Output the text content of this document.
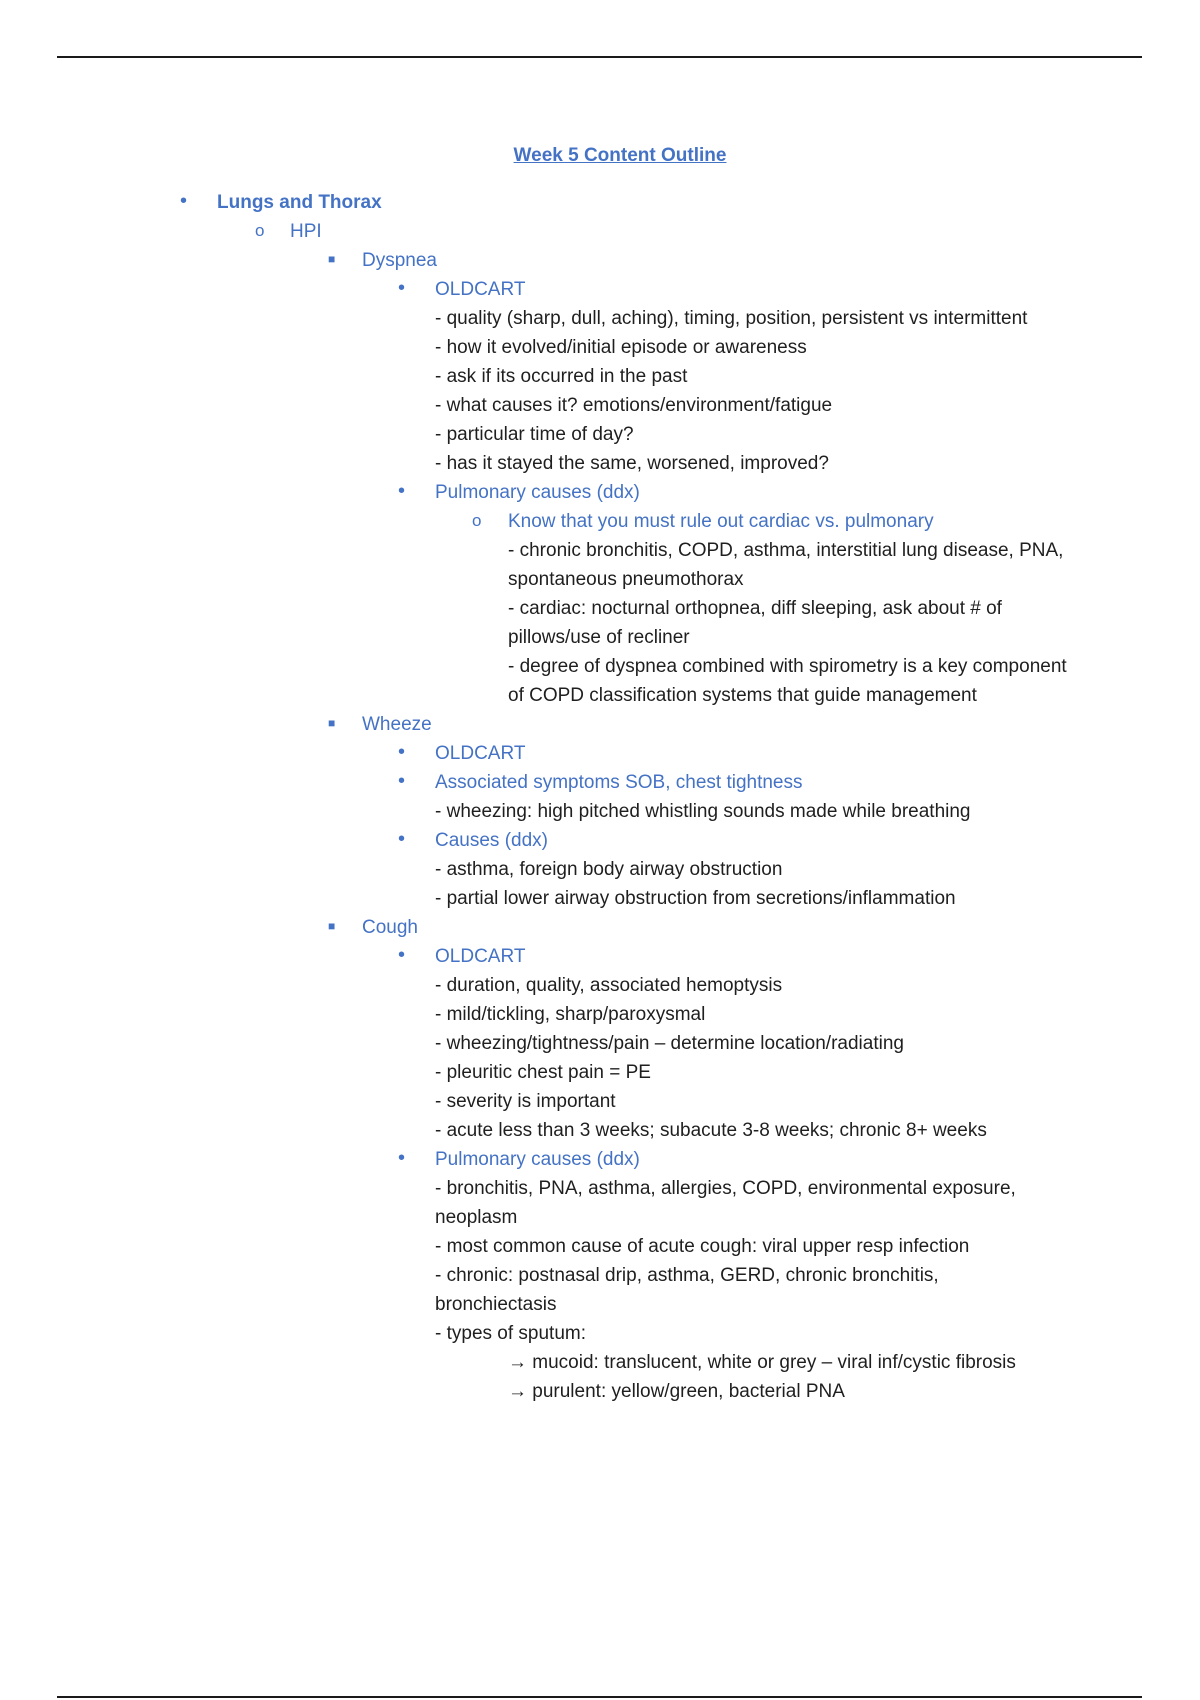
Week 5 Content Outline
• Lungs and Thorax
o HPI
■ Dyspnea
• OLDCART
- quality (sharp, dull, aching), timing, position, persistent vs intermittent
- how it evolved/initial episode or awareness
- ask if its occurred in the past
- what causes it? emotions/environment/fatigue
- particular time of day?
- has it stayed the same, worsened, improved?
• Pulmonary causes (ddx)
o Know that you must rule out cardiac vs. pulmonary
- chronic bronchitis, COPD, asthma, interstitial lung disease, PNA, spontaneous pneumothorax
- cardiac: nocturnal orthopnea, diff sleeping, ask about # of pillows/use of recliner
- degree of dyspnea combined with spirometry is a key component of COPD classification systems that guide management
■ Wheeze
• OLDCART
• Associated symptoms SOB, chest tightness
- wheezing: high pitched whistling sounds made while breathing
• Causes (ddx)
- asthma, foreign body airway obstruction
- partial lower airway obstruction from secretions/inflammation
■ Cough
• OLDCART
- duration, quality, associated hemoptysis
- mild/tickling, sharp/paroxysmal
- wheezing/tightness/pain – determine location/radiating
- pleuritic chest pain = PE
- severity is important
- acute less than 3 weeks; subacute 3-8 weeks; chronic 8+ weeks
• Pulmonary causes (ddx)
- bronchitis, PNA, asthma, allergies, COPD, environmental exposure, neoplasm
- most common cause of acute cough: viral upper resp infection
- chronic: postnasal drip, asthma, GERD, chronic bronchitis, bronchiectasis
- types of sputum:
→ mucoid: translucent, white or grey – viral inf/cystic fibrosis
→ purulent: yellow/green, bacterial PNA
